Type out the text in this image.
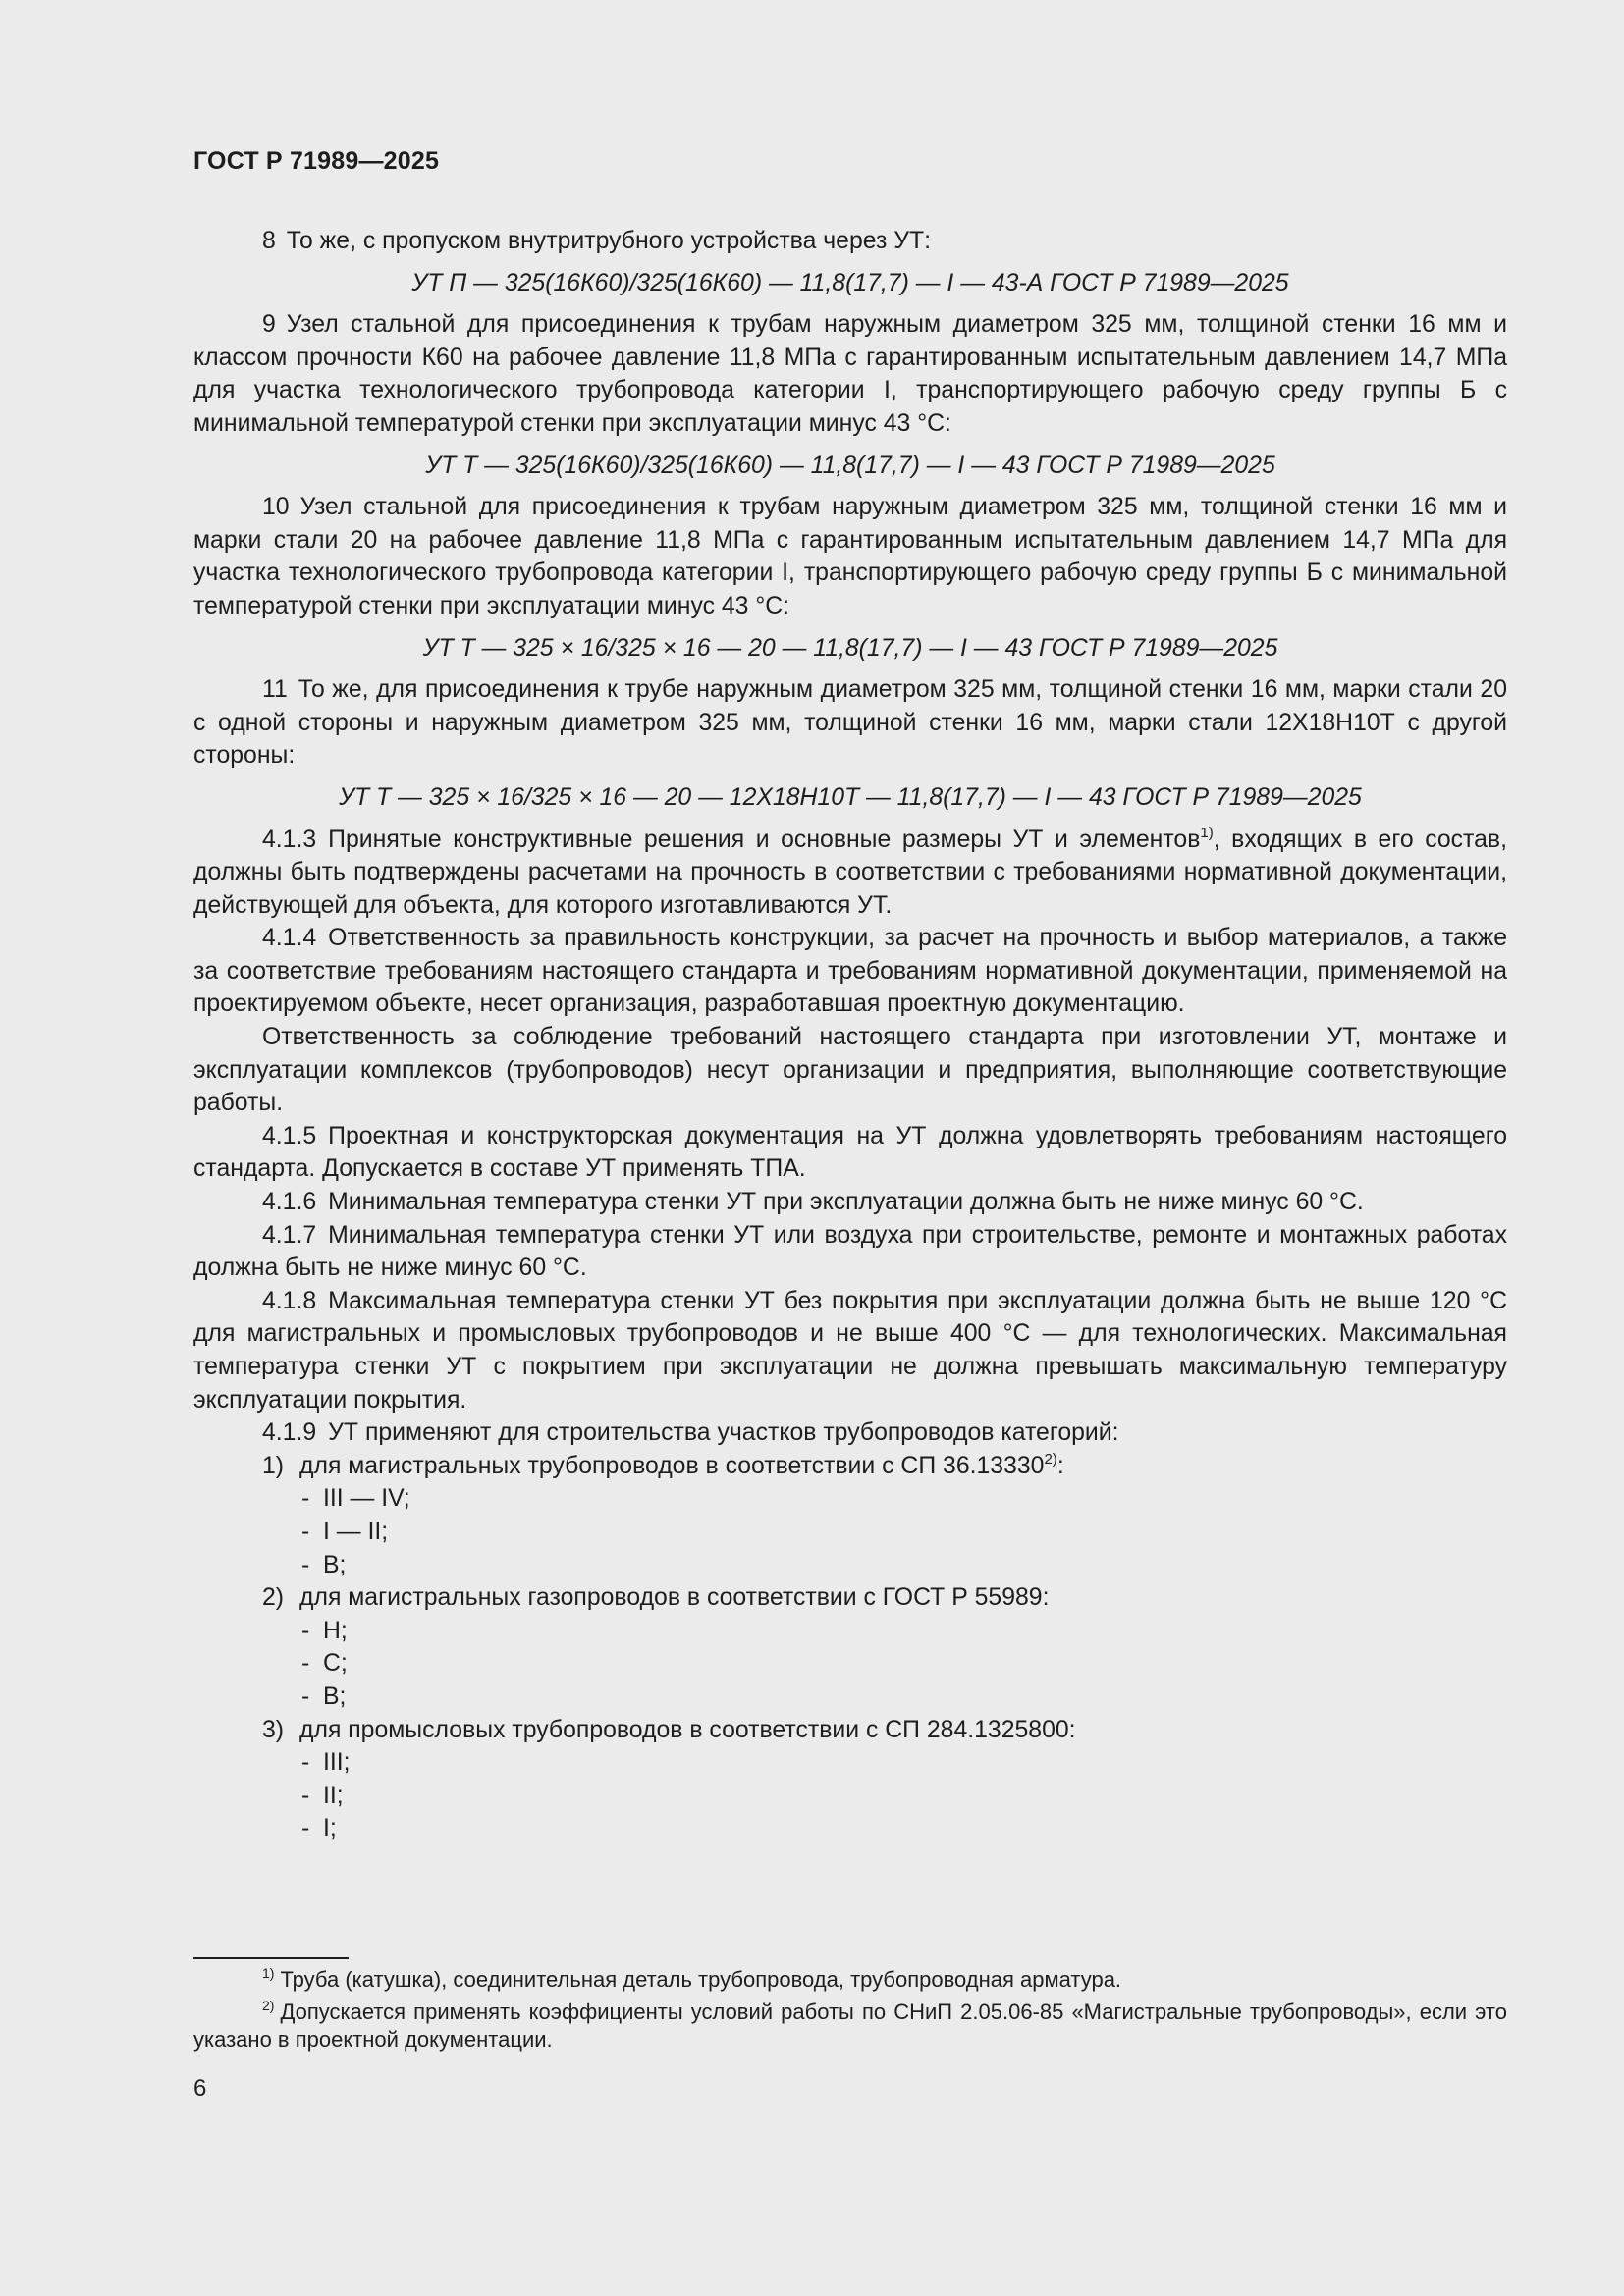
ГОСТ Р 71989—2025

8 То же, с пропуском внутритрубного устройства через УТ:

УТ П — 325(16К60)/325(16К60) — 11,8(17,7) — I — 43-А ГОСТ Р 71989—2025

9 Узел стальной для присоединения к трубам наружным диаметром 325 мм, толщиной стенки 16 мм и классом прочности К60 на рабочее давление 11,8 МПа с гарантированным испытательным давлением 14,7 МПа для участка технологического трубопровода категории I, транспортирующего рабочую среду группы Б с минимальной температурой стенки при эксплуатации минус 43 °С:

УТ Т — 325(16К60)/325(16К60) — 11,8(17,7) — I — 43 ГОСТ Р 71989—2025

10 Узел стальной для присоединения к трубам наружным диаметром 325 мм, толщиной стенки 16 мм и марки стали 20 на рабочее давление 11,8 МПа с гарантированным испытательным давлением 14,7 МПа для участка технологического трубопровода категории I, транспортирующего рабочую среду группы Б с минимальной температурой стенки при эксплуатации минус 43 °С:

УТ Т — 325 × 16/325 × 16 — 20 — 11,8(17,7) — I — 43 ГОСТ Р 71989—2025

11 То же, для присоединения к трубе наружным диаметром 325 мм, толщиной стенки 16 мм, марки стали 20 с одной стороны и наружным диаметром 325 мм, толщиной стенки 16 мм, марки стали 12Х18Н10Т с другой стороны:

УТ Т — 325 × 16/325 × 16 — 20 — 12Х18Н10Т — 11,8(17,7) — I — 43 ГОСТ Р 71989—2025

4.1.3 Принятые конструктивные решения и основные размеры УТ и элементов$^{1)}$, входящих в его состав, должны быть подтверждены расчетами на прочность в соответствии с требованиями нормативной документации, действующей для объекта, для которого изготавливаются УТ.

4.1.4 Ответственность за правильность конструкции, за расчет на прочность и выбор материалов, а также за соответствие требованиям настоящего стандарта и требованиям нормативной документации, применяемой на проектируемом объекте, несет организация, разработавшая проектную документацию.

Ответственность за соблюдение требований настоящего стандарта при изготовлении УТ, монтаже и эксплуатации комплексов (трубопроводов) несут организации и предприятия, выполняющие соответствующие работы.

4.1.5 Проектная и конструкторская документация на УТ должна удовлетворять требованиям настоящего стандарта. Допускается в составе УТ применять ТПА.

4.1.6 Минимальная температура стенки УТ при эксплуатации должна быть не ниже минус 60 °С.

4.1.7 Минимальная температура стенки УТ или воздуха при строительстве, ремонте и монтажных работах должна быть не ниже минус 60 °С.

4.1.8 Максимальная температура стенки УТ без покрытия при эксплуатации должна быть не выше 120 °С для магистральных и промысловых трубопроводов и не выше 400 °С — для технологических. Максимальная температура стенки УТ с покрытием при эксплуатации не должна превышать максимальную температуру эксплуатации покрытия.

4.1.9 УТ применяют для строительства участков трубопроводов категорий:

1) для магистральных трубопроводов в соответствии с СП 36.13330$^{2)}$:

- III — IV;

- I — II;

- В;

2) для магистральных газопроводов в соответствии с ГОСТ Р 55989:

- Н;

- С;

- В;

3) для промысловых трубопроводов в соответствии с СП 284.1325800:

- III;

- II;

- I;

$^{1)}$ Труба (катушка), соединительная деталь трубопровода, трубопроводная арматура.

$^{2)}$ Допускается применять коэффициенты условий работы по СНиП 2.05.06-85 «Магистральные трубопроводы», если это указано в проектной документации.

6
